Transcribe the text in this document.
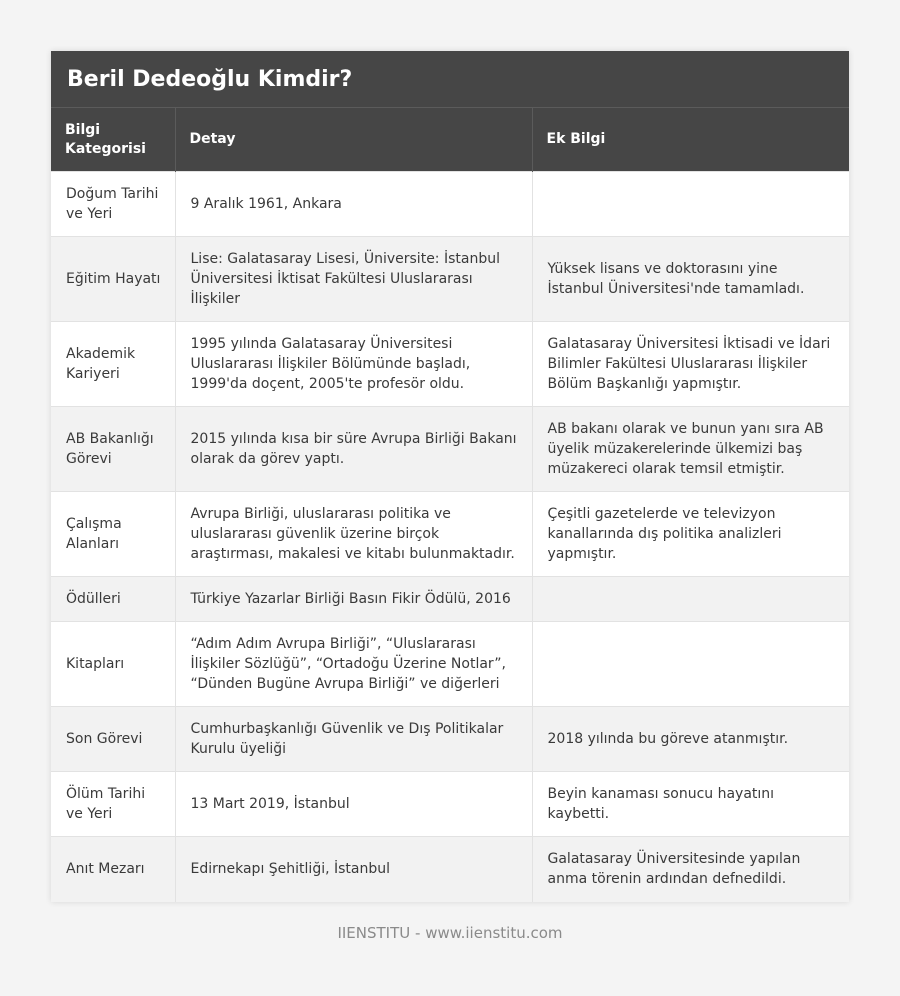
Beril Dedeoğlu Kimdir?
Bilgi Kategorisi	Detay	Ek Bilgi
Doğum Tarihi ve Yeri	9 Aralık 1961, Ankara	
Eğitim Hayatı	Lise: Galatasaray Lisesi, Üniversite: İstanbul Üniversitesi İktisat Fakültesi Uluslararası İlişkiler	Yüksek lisans ve doktorasını yine İstanbul Üniversitesi'nde tamamladı.
Akademik Kariyeri	1995 yılında Galatasaray Üniversitesi Uluslararası İlişkiler Bölümünde başladı, 1999'da doçent, 2005'te profesör oldu.	Galatasaray Üniversitesi İktisadi ve İdari Bilimler Fakültesi Uluslararası İlişkiler Bölüm Başkanlığı yapmıştır.
AB Bakanlığı Görevi	2015 yılında kısa bir süre Avrupa Birliği Bakanı olarak da görev yaptı.	AB bakanı olarak ve bunun yanı sıra AB üyelik müzakerelerinde ülkemizi baş müzakereci olarak temsil etmiştir.
Çalışma Alanları	Avrupa Birliği, uluslararası politika ve uluslararası güvenlik üzerine birçok araştırması, makalesi ve kitabı bulunmaktadır.	Çeşitli gazetelerde ve televizyon kanallarında dış politika analizleri yapmıştır.
Ödülleri	Türkiye Yazarlar Birliği Basın Fikir Ödülü, 2016	
Kitapları	“Adım Adım Avrupa Birliği”, “Uluslararası İlişkiler Sözlüğü”, “Ortadoğu Üzerine Notlar”, “Dünden Bugüne Avrupa Birliği” ve diğerleri	
Son Görevi	Cumhurbaşkanlığı Güvenlik ve Dış Politikalar Kurulu üyeliği	2018 yılında bu göreve atanmıştır.
Ölüm Tarihi ve Yeri	13 Mart 2019, İstanbul	Beyin kanaması sonucu hayatını kaybetti.
Anıt Mezarı	Edirnekapı Şehitliği, İstanbul	Galatasaray Üniversitesinde yapılan anma törenin ardından defnedildi.
IIENSTITU - www.iienstitu.com
